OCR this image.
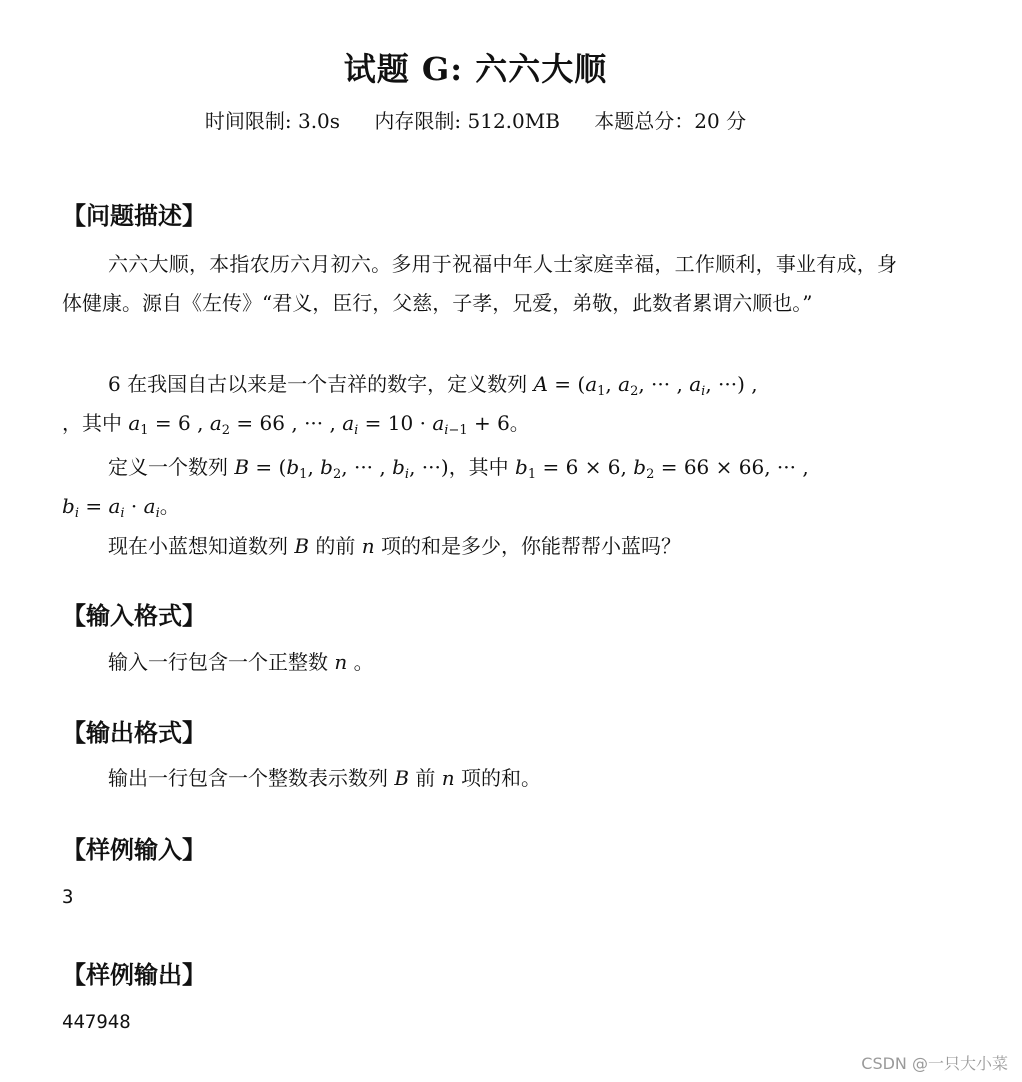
试题 G: 六六大顺
时间限制: 3.0s 内存限制: 512.0MB 本题总分：20 分
【问题描述】
六六大顺，本指农历六月初六。多用于祝福中年人士家庭幸福，工作顺利，事业有成，身体健康。源自《左传》“君义，臣行，父慈，子孝，兄爱，弟敬，此数者累谓六顺也。”
6 在我国自古以来是一个吉祥的数字，定义数列 $A = (a_1$, $a_2$, ··· , $a_i$, ···) ,
，其中 $a_1 = 6$ , $a_2 = 66$ , ··· , $a_i = 10 \cdot a_{i-1} + 6$。
定义一个数列 $B = (b_1$, $b_2$, ··· , $b_i$, ···)，其中 $b_1 = 6 \times 6$, $b_2 = 66 \times 66$, ··· ,
$b_i = a_i \cdot a_i$。
现在小蓝想知道数列 B 的前 n 项的和是多少，你能帮帮小蓝吗？
【输入格式】
输入一行包含一个正整数 n 。
【输出格式】
输出一行包含一个整数表示数列 B 前 n 项的和。
【样例输入】
3
【样例输出】
447948
CSDN @一只大小菜
